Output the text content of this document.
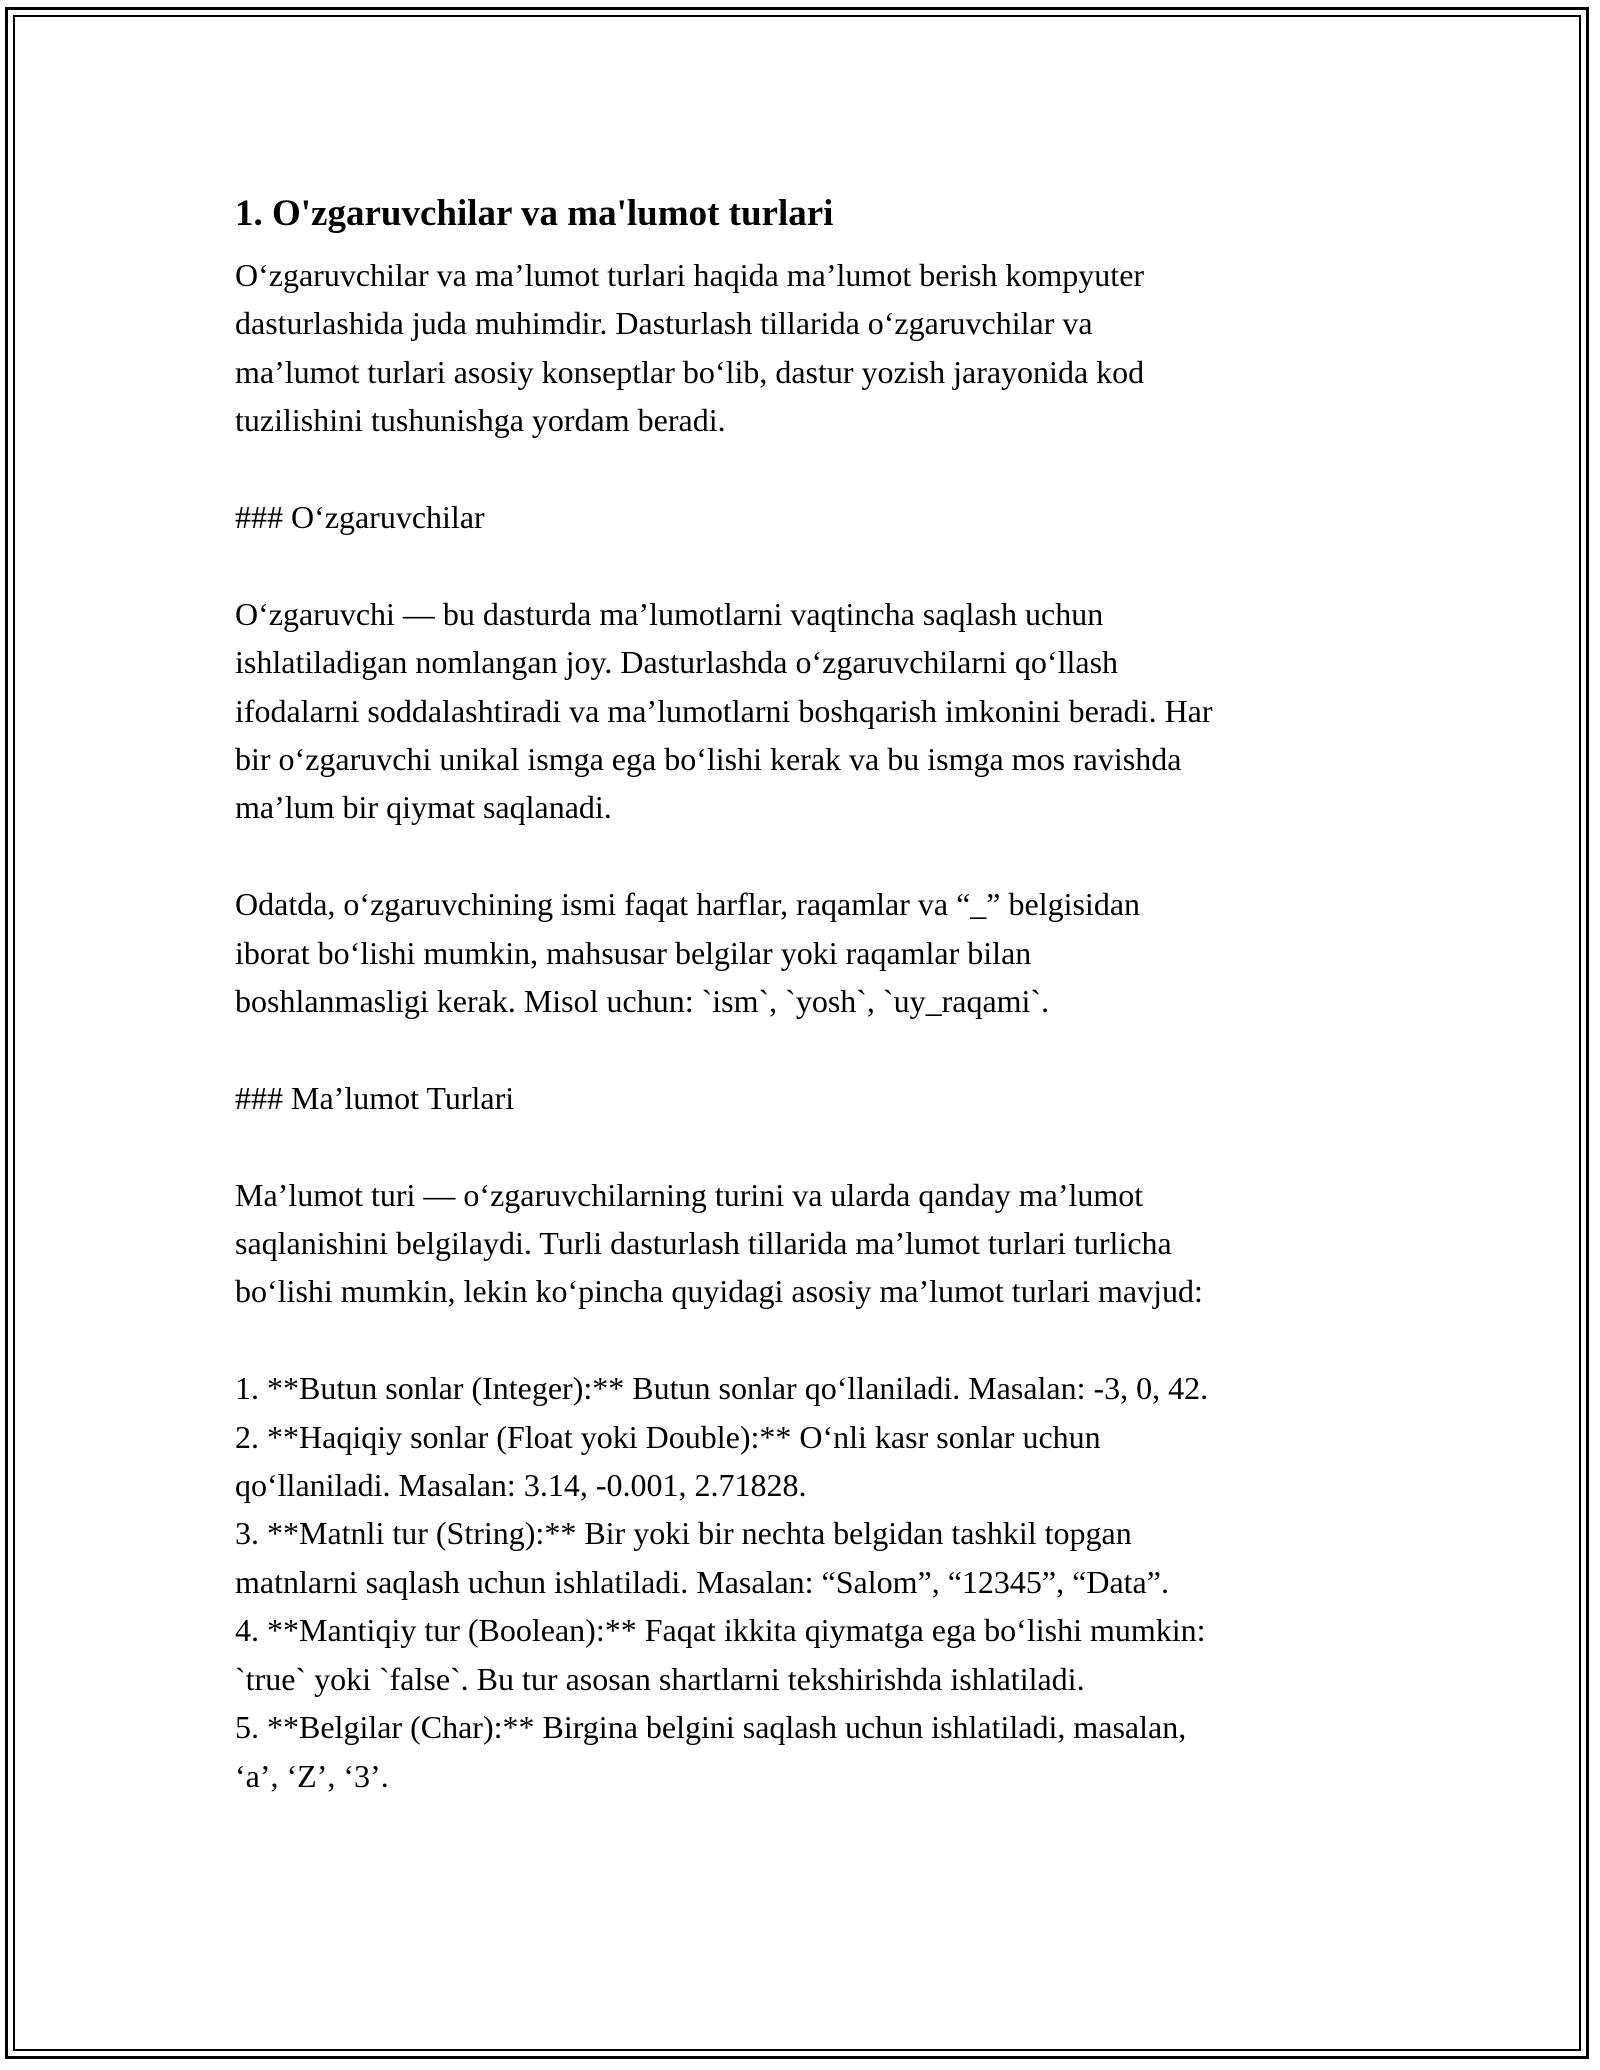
1. O'zgaruvchilar va ma'lumot turlari
O‘zgaruvchilar va ma’lumot turlari haqida ma’lumot berish kompyuter
dasturlashida juda muhimdir. Dasturlash tillarida o‘zgaruvchilar va
ma’lumot turlari asosiy konseptlar bo‘lib, dastur yozish jarayonida kod
tuzilishini tushunishga yordam beradi.
### O‘zgaruvchilar
O‘zgaruvchi — bu dasturda ma’lumotlarni vaqtincha saqlash uchun
ishlatiladigan nomlangan joy. Dasturlashda o‘zgaruvchilarni qo‘llash
ifodalarni soddalashtiradi va ma’lumotlarni boshqarish imkonini beradi. Har
bir o‘zgaruvchi unikal ismga ega bo‘lishi kerak va bu ismga mos ravishda
ma’lum bir qiymat saqlanadi.
Odatda, o‘zgaruvchining ismi faqat harflar, raqamlar va “_” belgisidan
iborat bo‘lishi mumkin, mahsusar belgilar yoki raqamlar bilan
boshlanmasligi kerak. Misol uchun: `ism`, `yosh`, `uy_raqami`.
### Ma’lumot Turlari
Ma’lumot turi — o‘zgaruvchilarning turini va ularda qanday ma’lumot
saqlanishini belgilaydi. Turli dasturlash tillarida ma’lumot turlari turlicha
bo‘lishi mumkin, lekin ko‘pincha quyidagi asosiy ma’lumot turlari mavjud:
1. **Butun sonlar (Integer):** Butun sonlar qo‘llaniladi. Masalan: -3, 0, 42.
2. **Haqiqiy sonlar (Float yoki Double):** O‘nli kasr sonlar uchun
qo‘llaniladi. Masalan: 3.14, -0.001, 2.71828.
3. **Matnli tur (String):** Bir yoki bir nechta belgidan tashkil topgan
matnlarni saqlash uchun ishlatiladi. Masalan: “Salom”, “12345”, “Data”.
4. **Mantiqiy tur (Boolean):** Faqat ikkita qiymatga ega bo‘lishi mumkin:
`true` yoki `false`. Bu tur asosan shartlarni tekshirishda ishlatiladi.
5. **Belgilar (Char):** Birgina belgini saqlash uchun ishlatiladi, masalan,
‘a’, ‘Z’, ‘3’.
